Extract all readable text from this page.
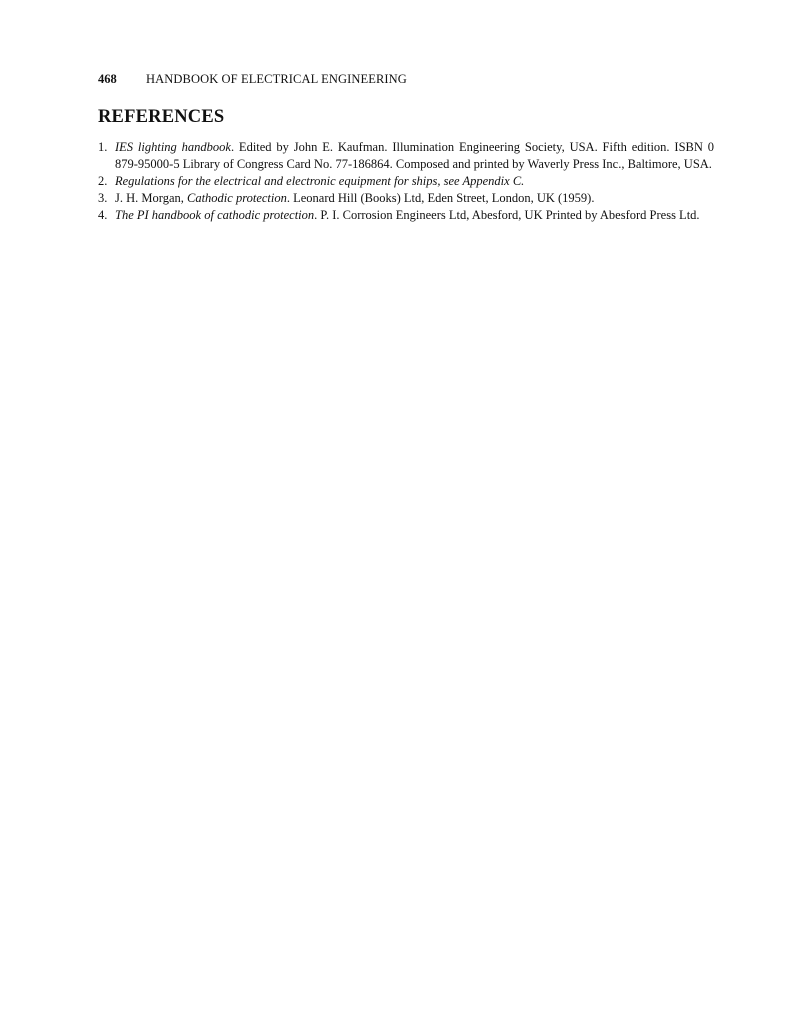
468	HANDBOOK OF ELECTRICAL ENGINEERING
REFERENCES
1. IES lighting handbook. Edited by John E. Kaufman. Illumination Engineering Society, USA. Fifth edition. ISBN 0 879-95000-5 Library of Congress Card No. 77-186864. Composed and printed by Waverly Press Inc., Baltimore, USA.
2. Regulations for the electrical and electronic equipment for ships, see Appendix C.
3. J. H. Morgan, Cathodic protection. Leonard Hill (Books) Ltd, Eden Street, London, UK (1959).
4. The PI handbook of cathodic protection. P. I. Corrosion Engineers Ltd, Abesford, UK Printed by Abesford Press Ltd.
